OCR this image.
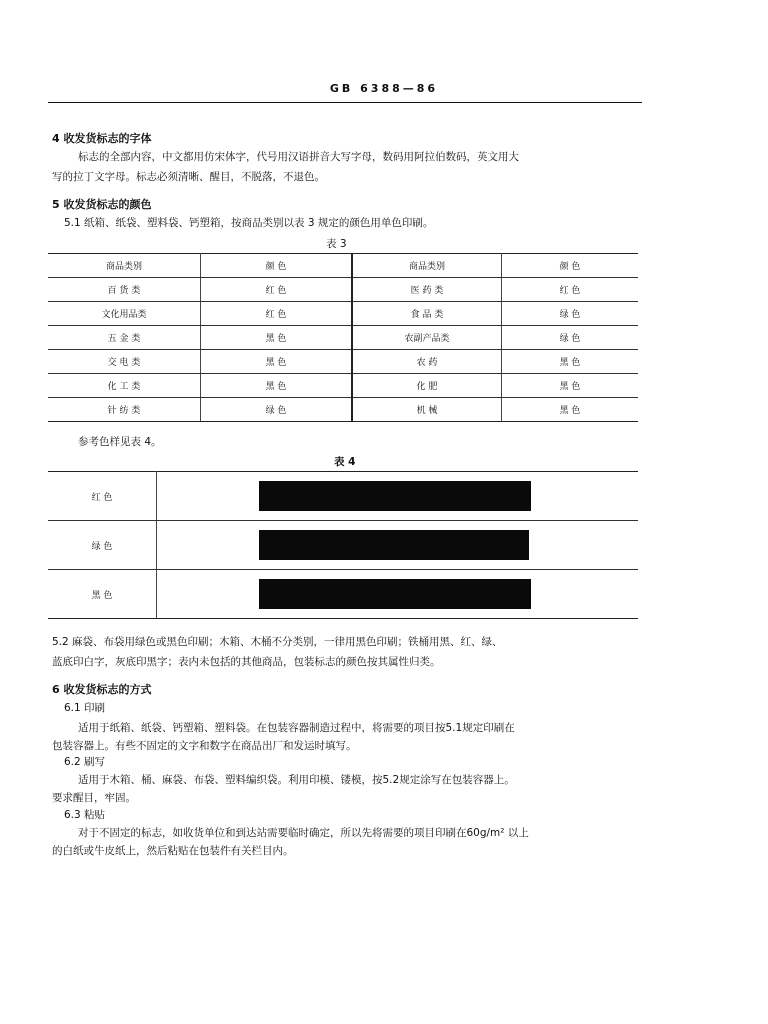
GB 6388—86
4 收发货标志的字体
标志的全部内容，中文都用仿宋体字，代号用汉语拼音大写字母，数码用阿拉伯数码，英文用大
写的拉丁文字母。标志必须清晰、醒目，不脱落，不退色。
5 收发货标志的颜色
5.1 纸箱、纸袋、塑料袋、钙塑箱，按商品类别以表 3 规定的颜色用单色印刷。
表 3
商品类别	颜 色	商品类别	颜 色
百 货 类	红 色	医 药 类	红 色
文化用品类	红 色	食 品 类	绿 色
五 金 类	黑 色	农副产品类	绿 色
交 电 类	黑 色	农 药	黑 色
化 工 类	黑 色	化 肥	黑 色
针 纺 类	绿 色	机 械	黑 色
参考色样见表 4。
表 4
红 色	

绿 色	

黑 色	
5.2 麻袋、布袋用绿色或黑色印刷；木箱、木桶不分类别，一律用黑色印刷；铁桶用黑、红、绿、
蓝底印白字，灰底印黑字；表内未包括的其他商品，包装标志的颜色按其属性归类。
6 收发货标志的方式
6.1 印刷
适用于纸箱、纸袋、钙塑箱、塑料袋。在包装容器制造过程中，将需要的项目按5.1规定印刷在
包装容器上。有些不固定的文字和数字在商品出厂和发运时填写。
6.2 刷写
适用于木箱、桶、麻袋、布袋、塑料编织袋。利用印模、镂模，按5.2规定涂写在包装容器上。
要求醒目，牢固。
6.3 粘贴
对于不固定的标志，如收货单位和到达站需要临时确定，所以先将需要的项目印刷在60g/m² 以上
的白纸或牛皮纸上，然后粘贴在包装件有关栏目内。
